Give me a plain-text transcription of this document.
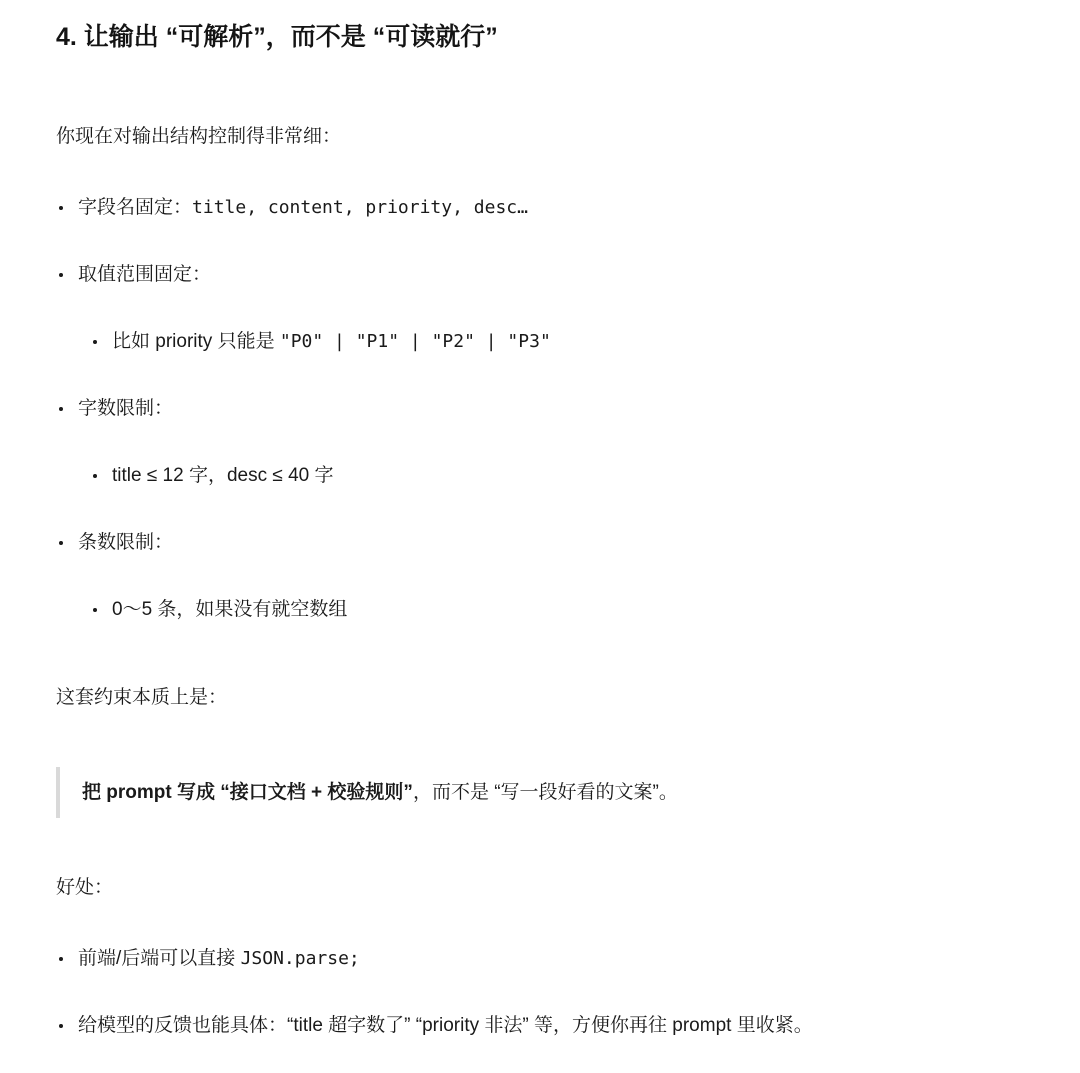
4. 让输出 “可解析”，而不是 “可读就行”

你现在对输出结构控制得非常细：

字段名固定：title, content, priority, desc…
取值范围固定：
比如 priority 只能是 "P0" | "P1" | "P2" | "P3"
字数限制：
title ≤ 12 字，desc ≤ 40 字
条数限制：
0～5 条，如果没有就空数组

这套约束本质上是：

把 prompt 写成 “接口文档 + 校验规则”，而不是 “写一段好看的文案”。

好处：

前端/后端可以直接 JSON.parse;
给模型的反馈也能具体：“title 超字数了” “priority 非法” 等，方便你再往 prompt 里收紧。
